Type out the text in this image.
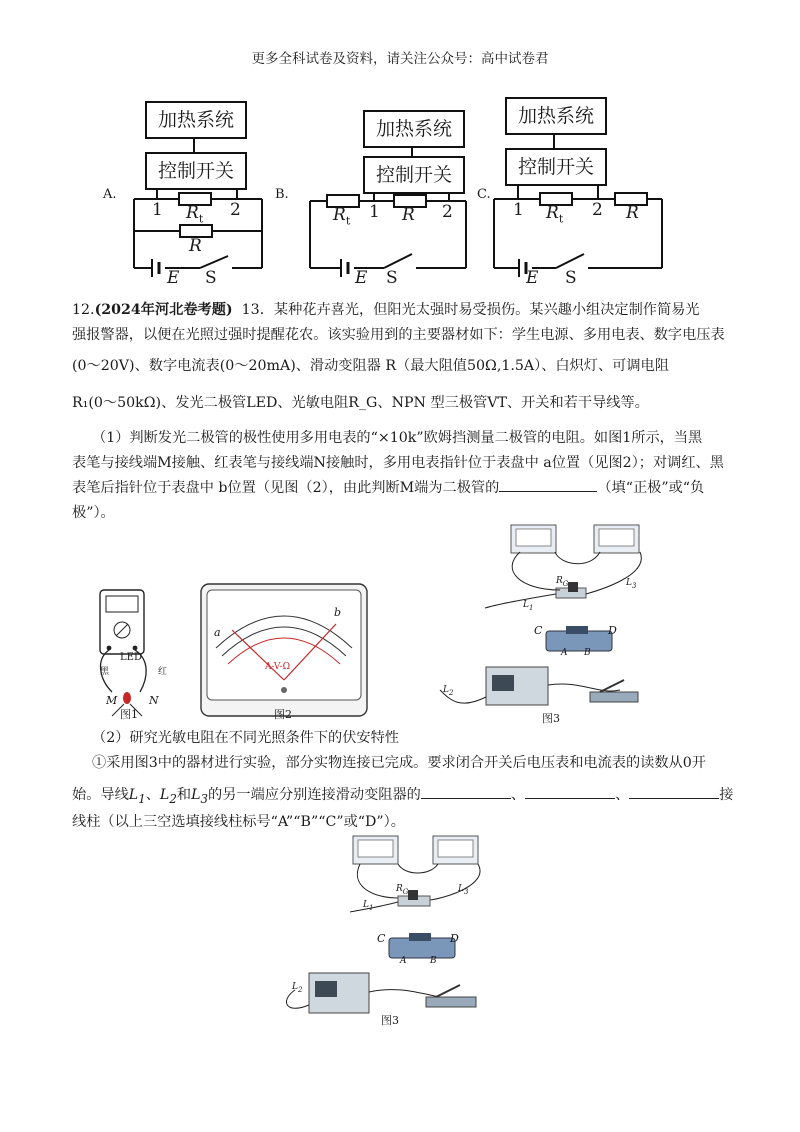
更多全科试卷及资料，请关注公众号：高中试卷君
A.	B.	C.
加热系统
控制开关
加热系统
控制开关
加热系统
控制开关
1	2
$R_t$
R
E S
1	2
$R_t$	R
E S
1	2
$R_t$	R
E S
12.(2024年河北卷考题) 13．某种花卉喜光，但阳光太强时易受损伤。某兴趣小组决定制作简易光
强报警器，以便在光照过强时提醒花农。该实验用到的主要器材如下：学生电源、多用电表、数字电压表
(0～20V)、数字电流表(0～20mA)、滑动变阻器 R（最大阻值50Ω,1.5A）、白炽灯、可调电阻
R₁(0～50kΩ)、发光二极管LED、光敏电阻R_G、NPN 型三极管VT、开关和若干导线等。
（1）判断发光二极管的极性使用多用电表的“×10k”欧姆挡测量二极管的电阻。如图1所示，当黑
表笔与接线端M接触、红表笔与接线端N接触时，多用电表指针位于表盘中 a位置（见图2）；对调红、黑
表笔后指针位于表盘中 b位置（见图（2），由此判断M端为二极管的	（填“正极”或“负
极”）。
LED
黑	红
M	N
图1
a
b
A-V-Ω
图2
$R_G$
$L_1$
$L_3$
C	D
A B
$L_2$
图3
（2）研究光敏电阻在不同光照条件下的伏安特性
①采用图3中的器材进行实验，部分实物连接已完成。要求闭合开关后电压表和电流表的读数从0开
始。导线$L_1$、$L_2$和$L_3$的另一端应分别连接滑动变阻器的	、	、	接
线柱（以上三空选填接线柱标号“A”“B”“C”或“D”）。
$R_G$
$L_1$
$L_3$
C	D
A	B
$L_2$
图3
